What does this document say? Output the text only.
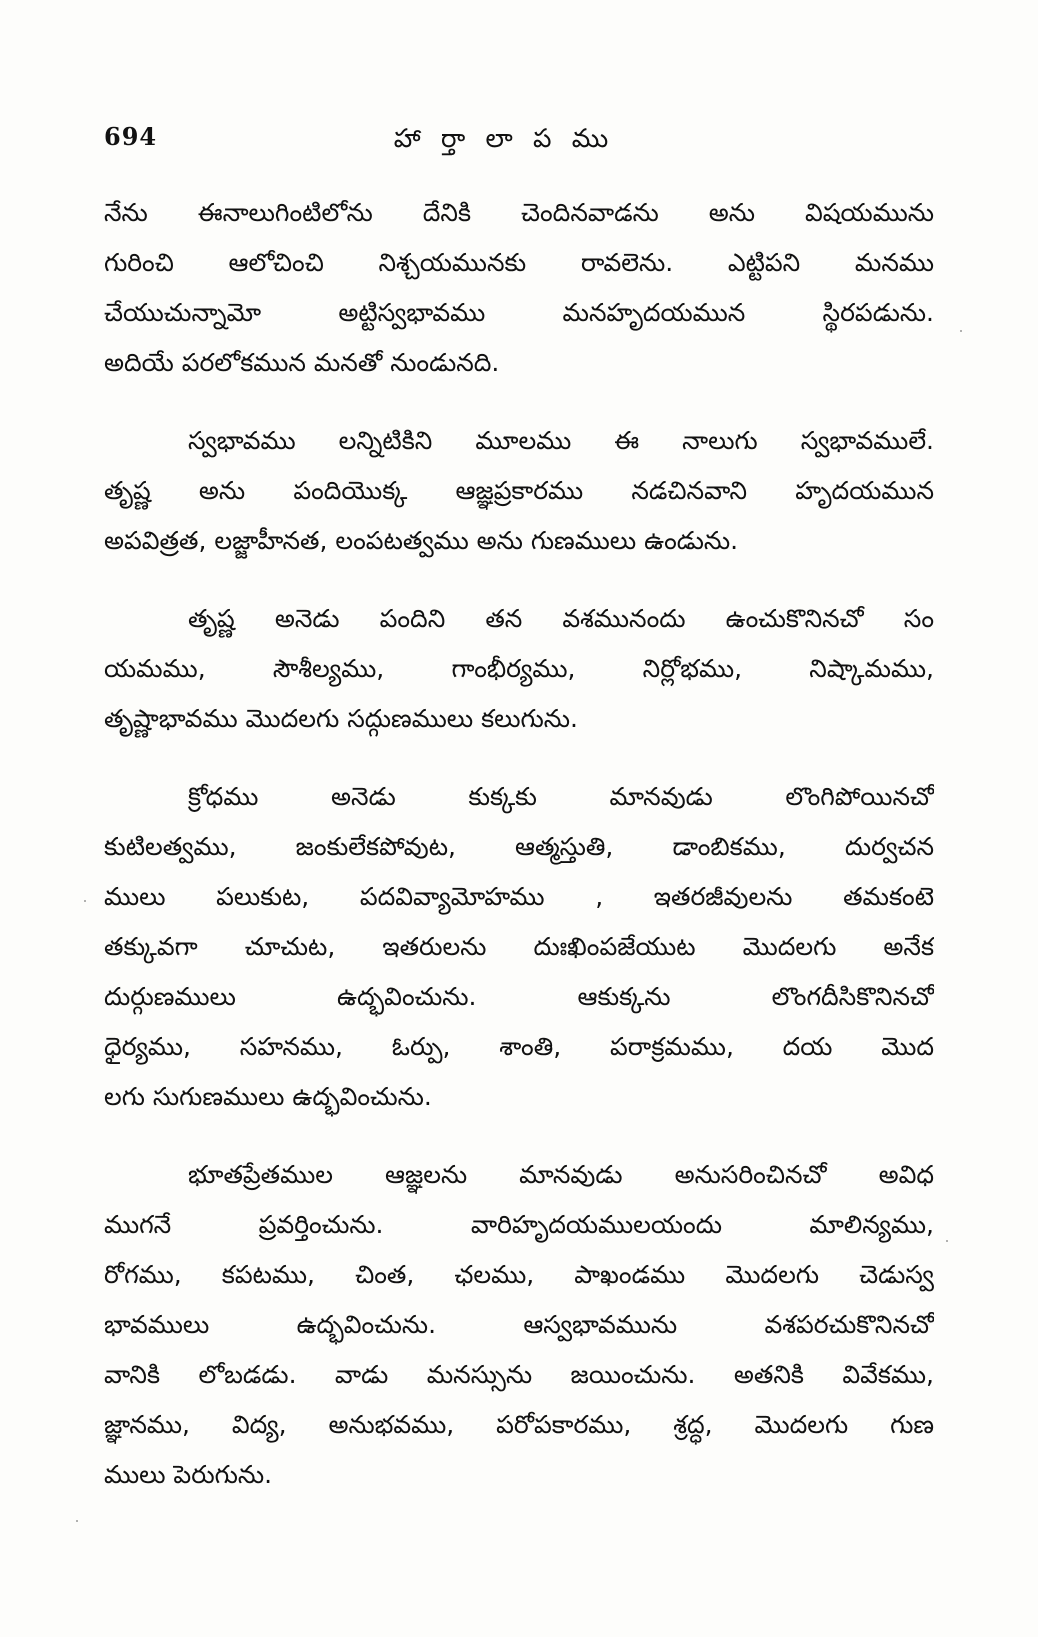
694	హా ర్తా లా ప ము
నేను ఈనాలుగింటిలోను దేనికి చెందినవాడను అను విషయమును
గురించి ఆలోచించి నిశ్చయమునకు రావలెను. ఎట్టిపని మనము
చేయుచున్నామో అట్టిస్వభావము మనహృదయమున స్థిరపడును.
అదియే పరలోకమున మనతో నుండునది.
స్వభావము లన్నిటికిని మూలము ఈ నాలుగు స్వభావములే.
తృష్ణ అను పందియొక్క ఆజ్ఞప్రకారము నడచినవాని హృదయమున
అపవిత్రత, లజ్జాహీనత, లంపటత్వము అను గుణములు ఉండును.
తృష్ణ అనెడు పందిని తన వశమునందు ఉంచుకొనినచో సం
యమము, సౌశీల్యము, గాంభీర్యము, నిర్లోభము, నిష్కామము,
తృష్ణాభావము మొదలగు సద్గుణములు కలుగును.
క్రోధము అనెడు కుక్కకు మానవుడు లొంగిపోయినచో
కుటిలత్వము, జంకులేకపోవుట, ఆత్మస్తుతి, డాంబికము, దుర్వచన
ములు పలుకుట, పదవివ్యామోహము , ఇతరజీవులను తమకంటె
తక్కువగా చూచుట, ఇతరులను దుఃఖింపజేయుట మొదలగు అనేక
దుర్గుణములు ఉద్భవించును. ఆకుక్కను లొంగదీసికొనినచో
ధైర్యము, సహనము, ఓర్పు, శాంతి, పరాక్రమము, దయ మొద
లగు సుగుణములు ఉద్భవించును.
భూతప్రేతముల ఆజ్ఞలను మానవుడు అనుసరించినచో అవిధ
ముగనే ప్రవర్తించును. వారిహృదయములయందు మాలిన్యము,
రోగము, కపటము, చింత, ఛలము, పాఖండము మొదలగు చెడుస్వ
భావములు ఉద్భవించును. ఆస్వభావమును వశపరచుకొనినచో
వానికి లోబడడు. వాడు మనస్సును జయించును. అతనికి వివేకము,
జ్ఞానము, విద్య, అనుభవము, పరోపకారము, శ్రద్ధ, మొదలగు గుణ
ములు పెరుగును.
